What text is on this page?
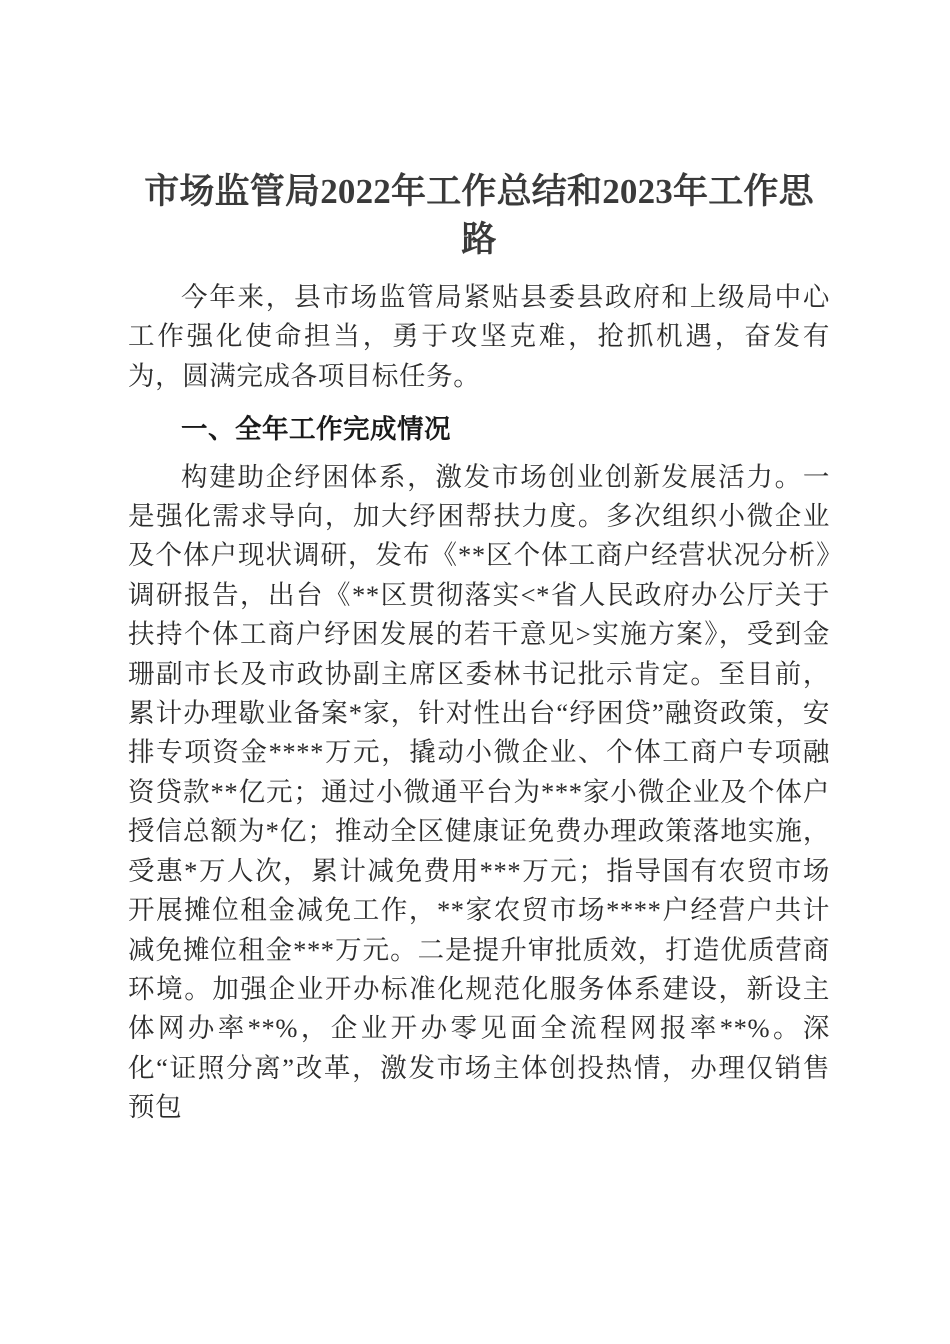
市场监管局2022年工作总结和2023年工作思路

今年来，县市场监管局紧贴县委县政府和上级局中心工作强化使命担当，勇于攻坚克难，抢抓机遇，奋发有为，圆满完成各项目标任务。

一、全年工作完成情况

构建助企纾困体系，激发市场创业创新发展活力。一是强化需求导向，加大纾困帮扶力度。多次组织小微企业及个体户现状调研，发布《**区个体工商户经营状况分析》调研报告，出台《**区贯彻落实<*省人民政府办公厅关于扶持个体工商户纾困发展的若干意见>实施方案》，受到金珊副市长及市政协副主席区委林书记批示肯定。至目前，累计办理歇业备案*家，针对性出台“纾困贷”融资政策，安排专项资金****万元，撬动小微企业、个体工商户专项融资贷款**亿元；通过小微通平台为***家小微企业及个体户授信总额为*亿；推动全区健康证免费办理政策落地实施，受惠*万人次，累计减免费用***万元；指导国有农贸市场开展摊位租金减免工作，**家农贸市场****户经营户共计减免摊位租金***万元。二是提升审批质效，打造优质营商环境。加强企业开办标准化规范化服务体系建设，新设主体网办率**%，企业开办零见面全流程网报率**%。深化“证照分离”改革，激发市场主体创投热情，办理仅销售预包
